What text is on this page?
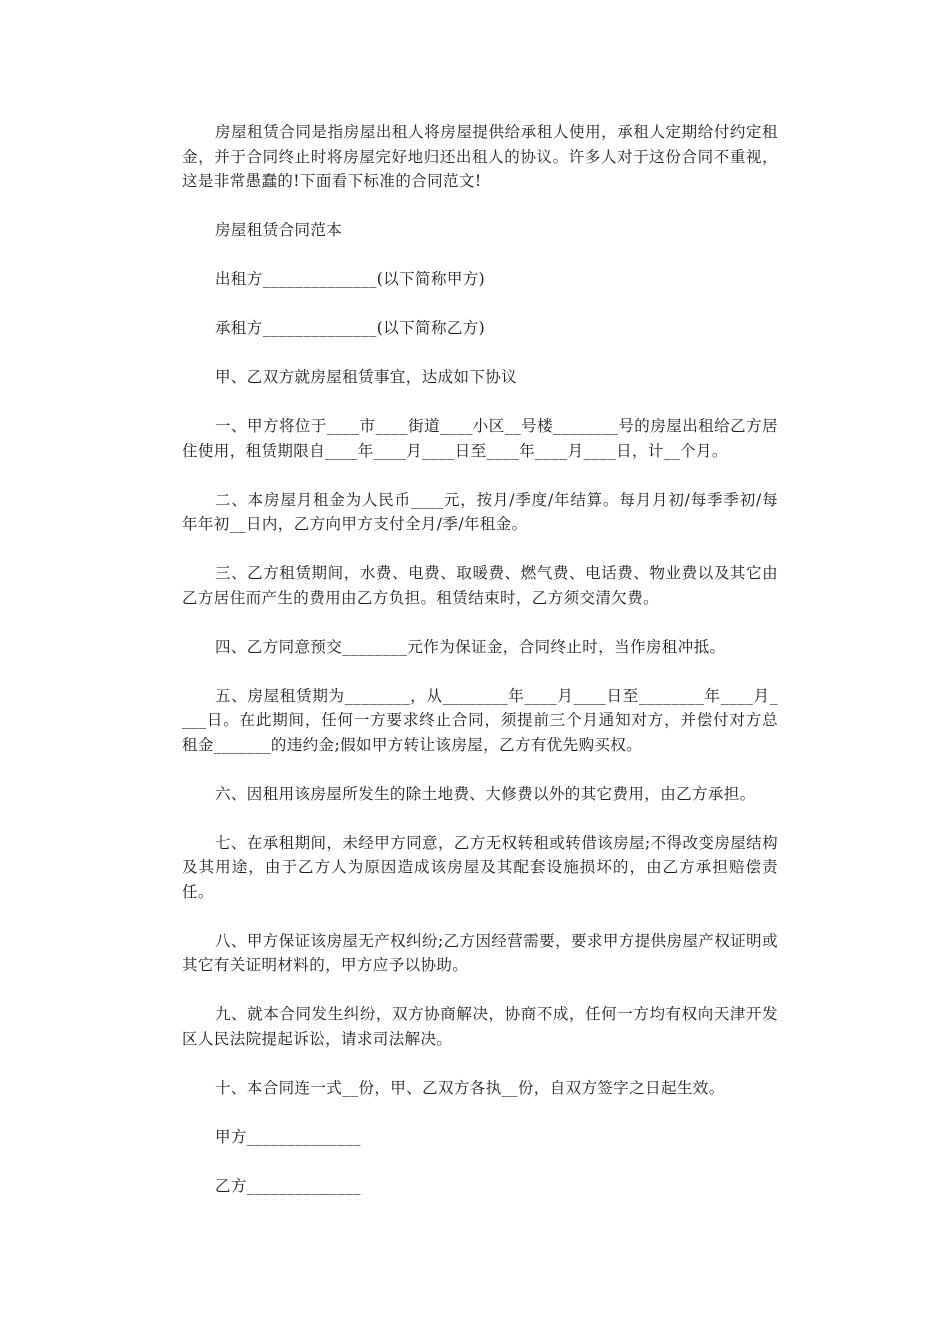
房屋租赁合同是指房屋出租人将房屋提供给承租人使用，承租人定期给付约定租金，并于合同终止时将房屋完好地归还出租人的协议。许多人对于这份合同不重视，这是非常愚蠢的!下面看下标准的合同范文!

房屋租赁合同范本

出租方______________(以下简称甲方)

承租方______________(以下简称乙方)

甲、乙双方就房屋租赁事宜，达成如下协议

一、甲方将位于____市____街道____小区__号楼________号的房屋出租给乙方居住使用，租赁期限自____年____月____日至____年____月____日，计__个月。

二、本房屋月租金为人民币____元，按月/季度/年结算。每月月初/每季季初/每年年初__日内，乙方向甲方支付全月/季/年租金。

三、乙方租赁期间，水费、电费、取暖费、燃气费、电话费、物业费以及其它由乙方居住而产生的费用由乙方负担。租赁结束时，乙方须交清欠费。

四、乙方同意预交________元作为保证金，合同终止时，当作房租冲抵。

五、房屋租赁期为________，从________年____月____日至________年____月____日。在此期间，任何一方要求终止合同，须提前三个月通知对方，并偿付对方总租金_______的违约金;假如甲方转让该房屋，乙方有优先购买权。

六、因租用该房屋所发生的除土地费、大修费以外的其它费用，由乙方承担。

七、在承租期间，未经甲方同意，乙方无权转租或转借该房屋;不得改变房屋结构及其用途，由于乙方人为原因造成该房屋及其配套设施损坏的，由乙方承担赔偿责任。

八、甲方保证该房屋无产权纠纷;乙方因经营需要，要求甲方提供房屋产权证明或其它有关证明材料的，甲方应予以协助。

九、就本合同发生纠纷，双方协商解决，协商不成，任何一方均有权向天津开发区人民法院提起诉讼，请求司法解决。

十、本合同连一式__份，甲、乙双方各执__份，自双方签字之日起生效。

甲方______________

乙方______________
